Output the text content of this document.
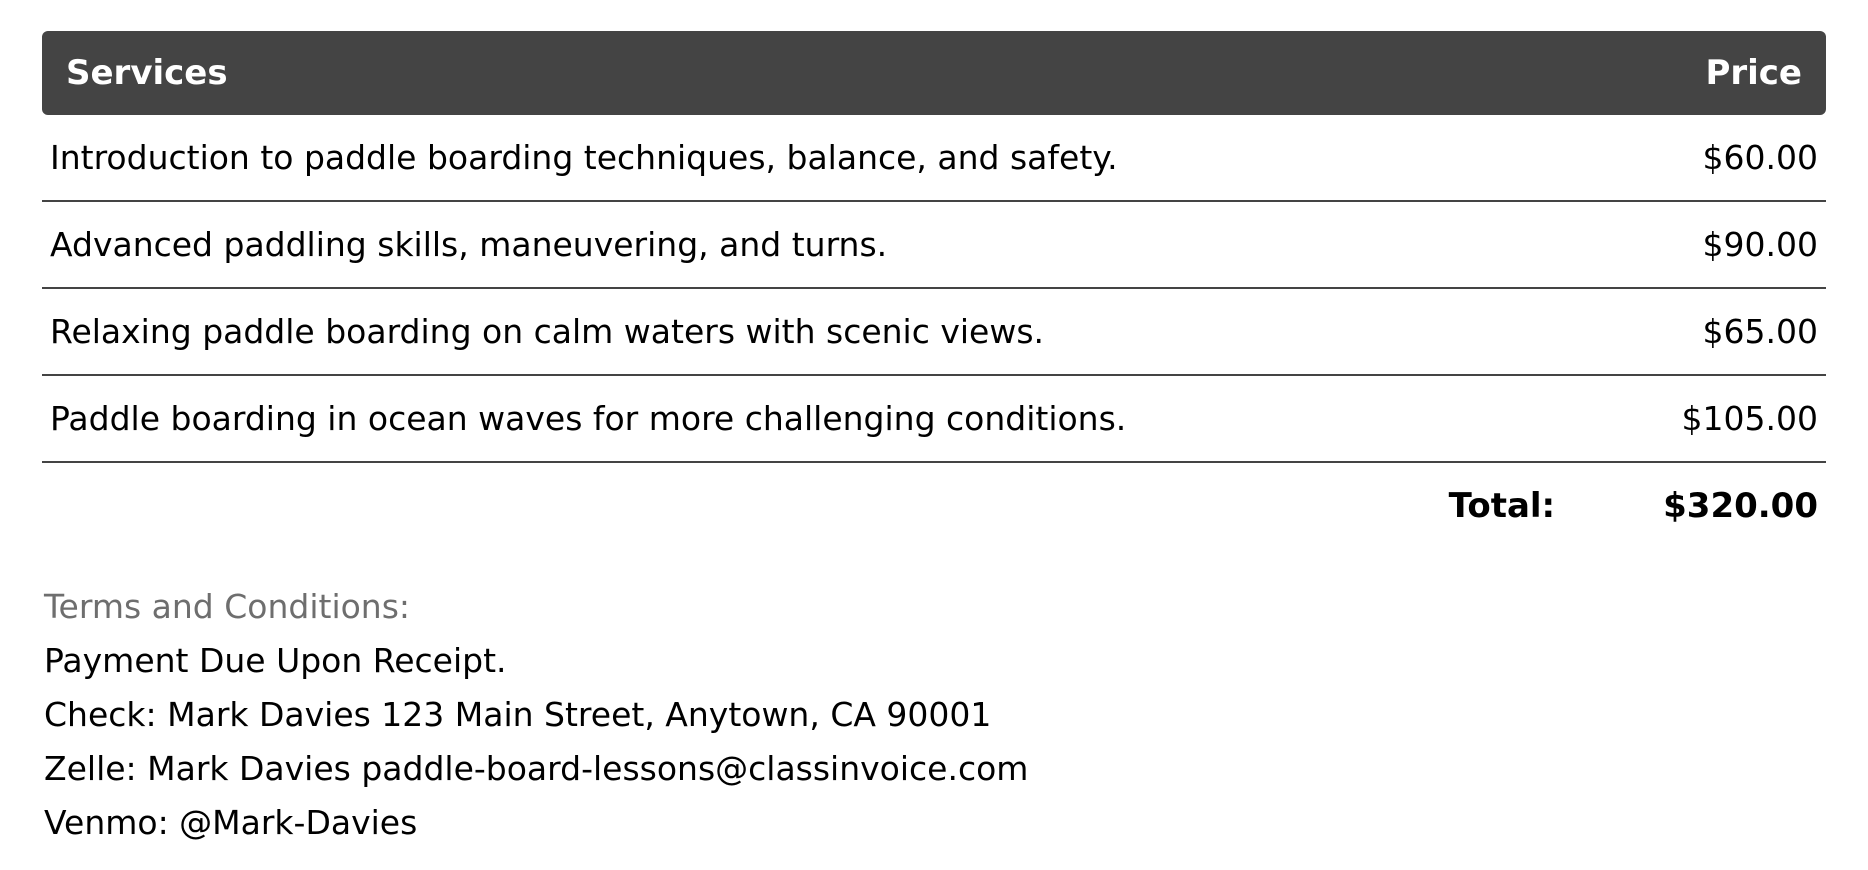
Services	Price
Introduction to paddle boarding techniques, balance, and safety.	$60.00
Advanced paddling skills, maneuvering, and turns.	$90.00
Relaxing paddle boarding on calm waters with scenic views.	$65.00
Paddle boarding in ocean waves for more challenging conditions.	$105.00
Total:	$320.00
Terms and Conditions:
Payment Due Upon Receipt.
Check: Mark Davies 123 Main Street, Anytown, CA 90001
Zelle: Mark Davies paddle-board-lessons@classinvoice.com
Venmo: @Mark-Davies
